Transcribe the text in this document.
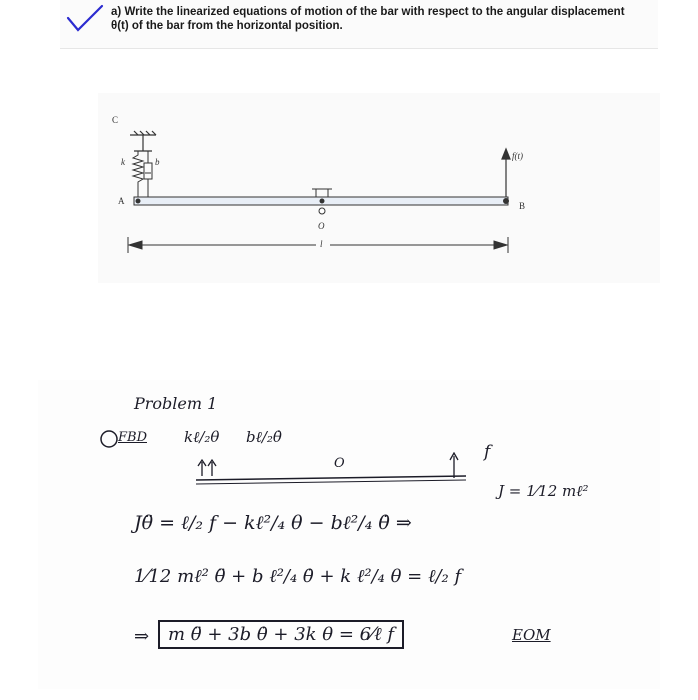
a) Write the linearized equations of motion of the bar with respect to the angular displacement
θ(t) of the bar from the horizontal position.
C
k	b
A
O
l
f(t)
B
Problem 1
FBD kℓ/₂θ bℓ/₂θ̇
O
f
J = 1⁄12 mℓ²
Jθ̈ = ℓ/₂ f − kℓ²/₄ θ − bℓ²/₄ θ̇ ⇒
1⁄12 mℓ² θ̈ + b ℓ²/₄ θ̇ + k ℓ²/₄ θ = ℓ/₂ f
⇒	m θ̈ + 3b θ̇ + 3k θ = 6⁄ℓ f	EOM
